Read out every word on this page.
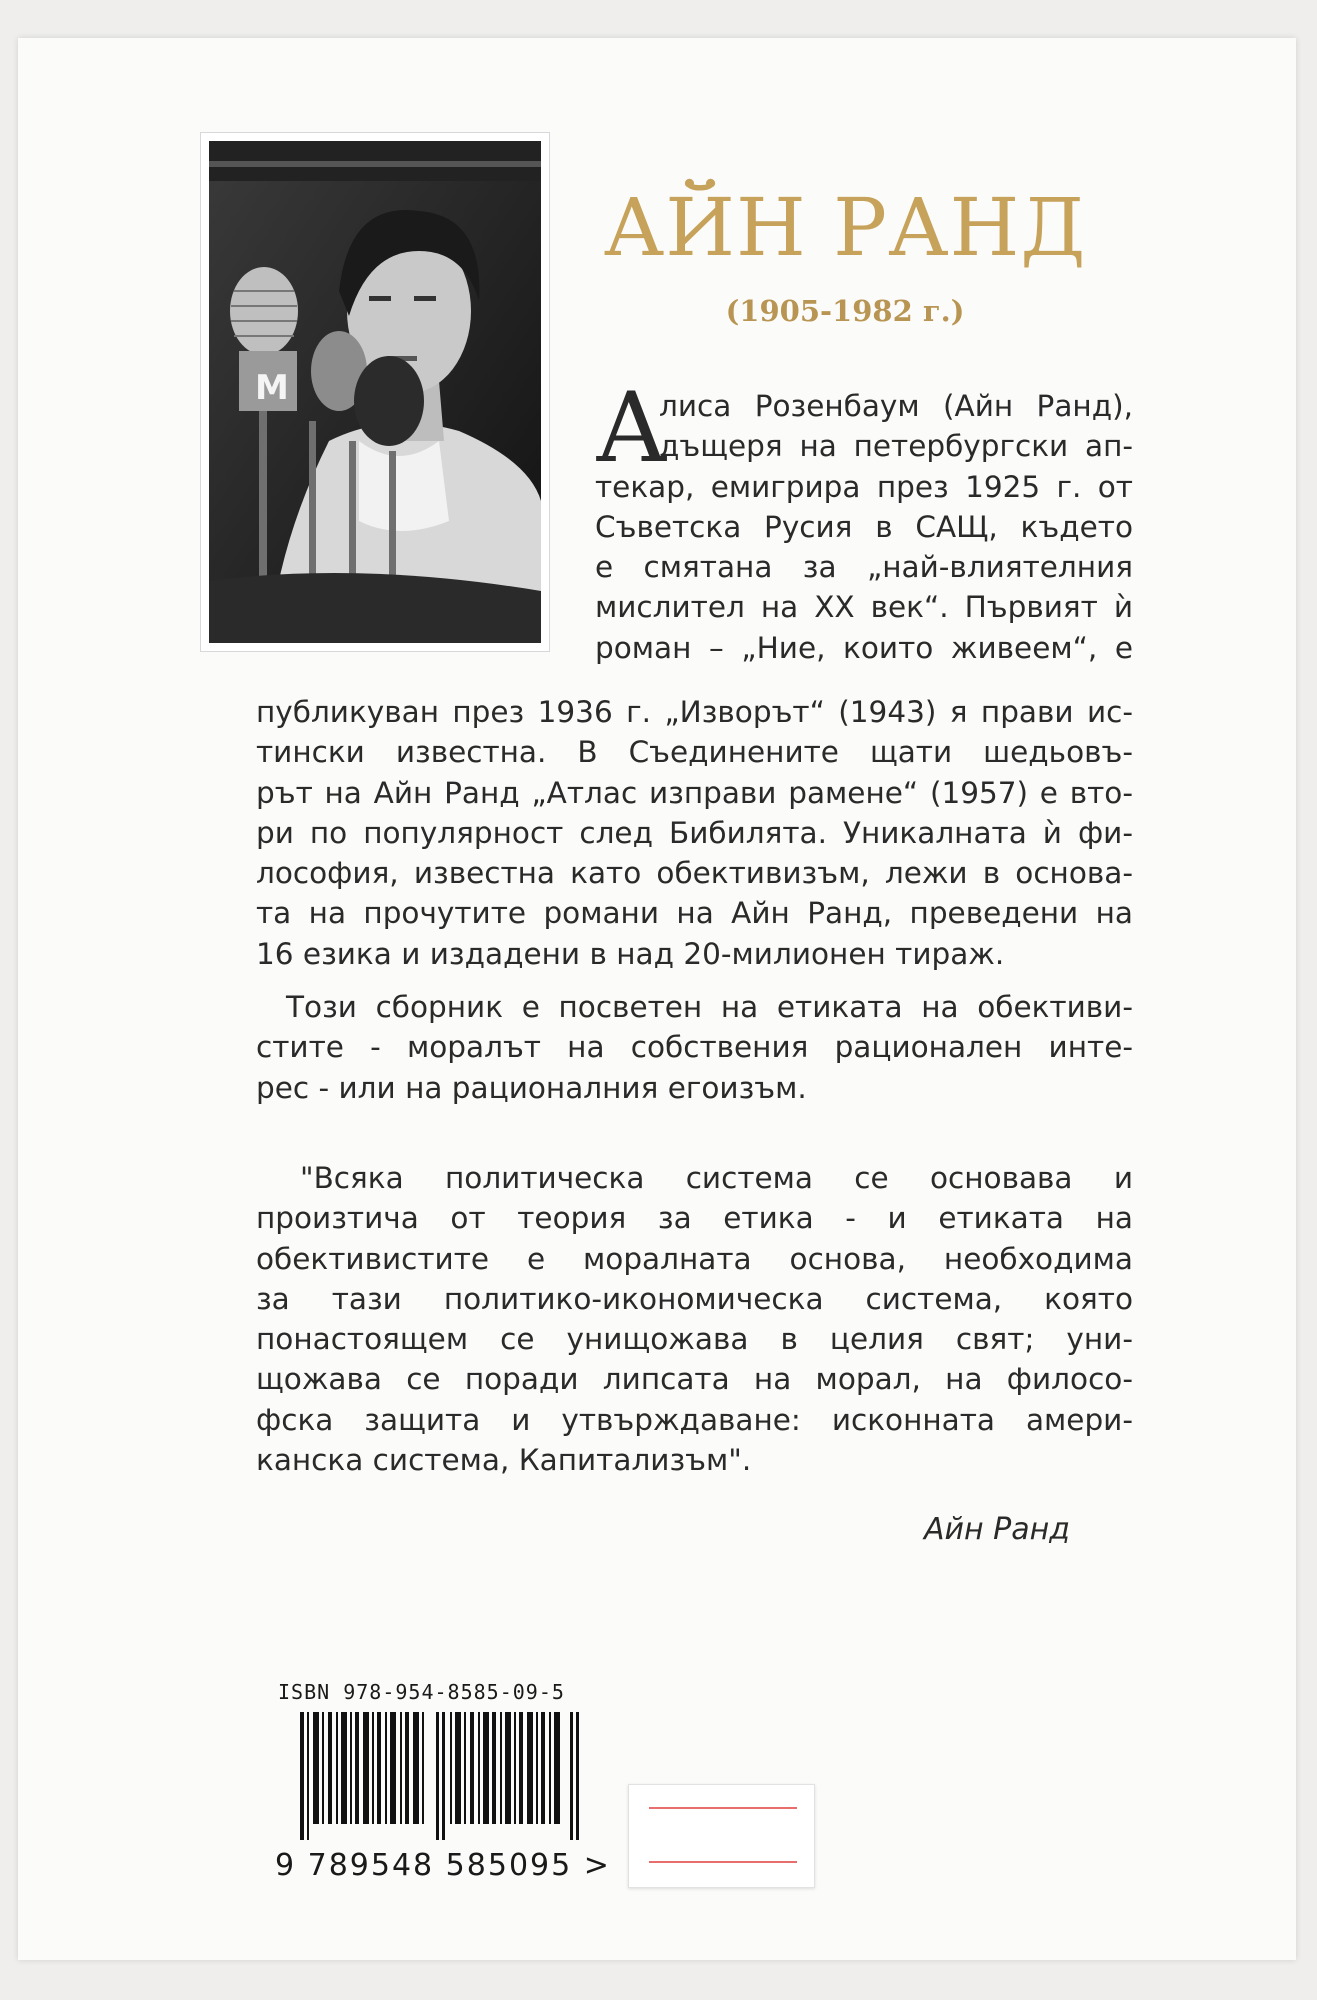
M
АЙН РАНД
(1905-1982 г.)
А
лиса Розенбаум (Айн Ранд),
дъщеря на петербургски ап-
текар, емигрира през 1925 г. от
Съветска Русия в САЩ, където
е смятана за „най-влиятелния
мислител на ХХ век“. Първият ѝ
роман – „Ние, които живеем“, е
публикуван през 1936 г. „Изворът“ (1943) я прави ис-
тински известна. В Съединените щати шедьовъ-
рът на Айн Ранд „Атлас изправи рамене“ (1957) е вто-
ри по популярност след Бибилята. Уникалната ѝ фи-
лософия, известна като обективизъм, лежи в основа-
та на прочутите романи на Айн Ранд, преведени на
16 езика и издадени в над 20-милионен тираж.
Този сборник е посветен на етиката на обективи-
стите - моралът на собствения рационален инте-
рес - или на рационалния егоизъм.
"Всяка политическа система се основава и
произтича от теория за етика - и етиката на
обективистите е моралната основа, необходима
за тази политико-икономическа система, която
понастоящем се унищожава в целия свят; уни-
щожава се поради липсата на морал, на филосо-
фска защита и утвърждаване: исконната амери-
канска система, Капитализъм".
Айн Ранд
ISBN 978-954-8585-09-5
9 789548 585095 >
